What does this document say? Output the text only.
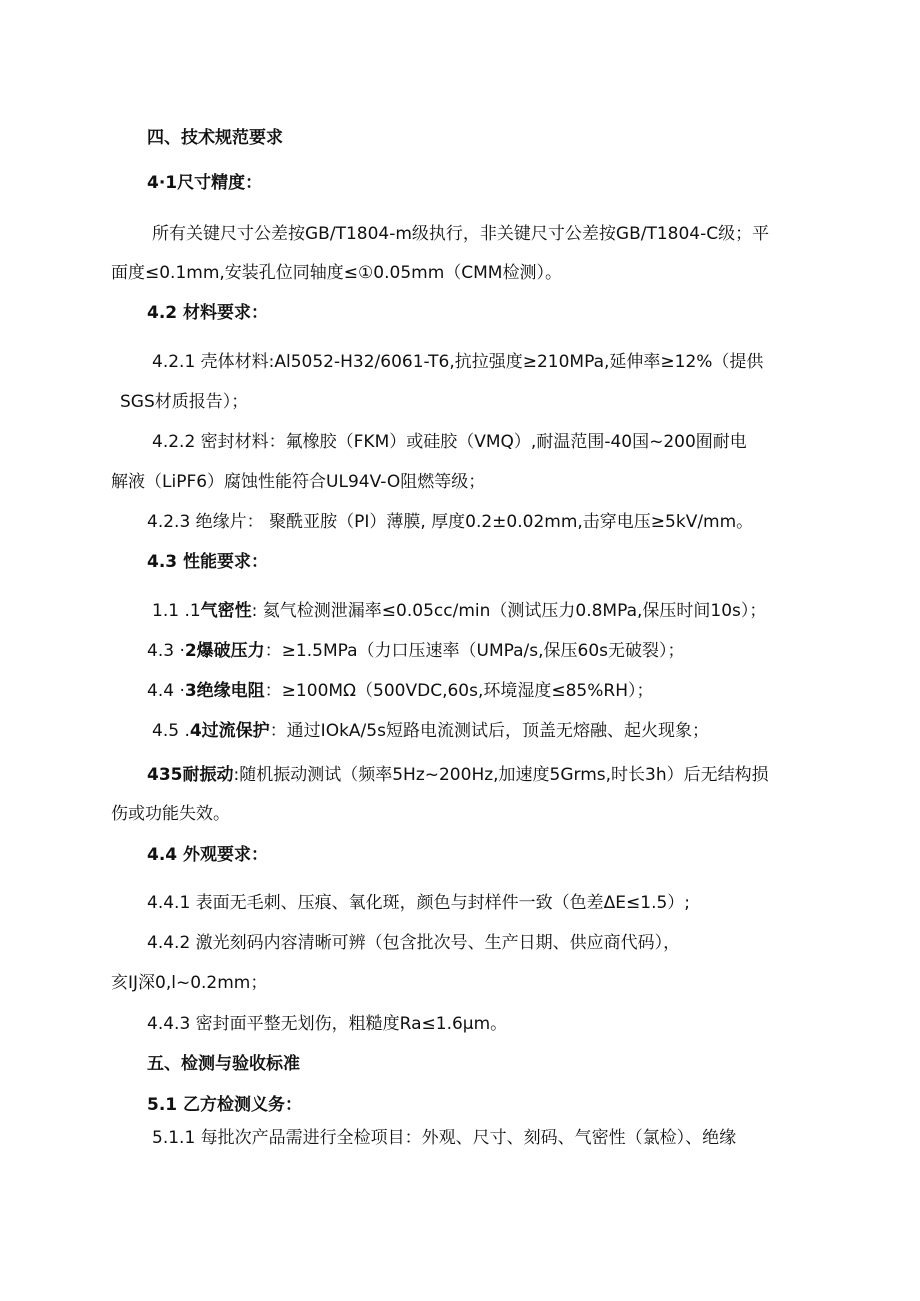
四、技术规范要求
4·1尺寸精度：
所有关键尺寸公差按GB/T1804-m级执行，非关键尺寸公差按GB/T1804-C级；平
面度≤0.1mm,安装孔位同轴度≤①0.05mm（CMM检测）。
4.2 材料要求：
4.2.1 壳体材料:Al5052-H32/6061-T6,抗拉强度≥210MPa,延伸率≥12%（提供
SGS材质报告）；
4.2.2 密封材料：氟橡胶（FKM）或硅胶（VMQ）,耐温范围-40国~200囿耐电
解液（LiPF6）腐蚀性能符合UL94V-O阻燃等级；
4.2.3 绝缘片： 聚酰亚胺（PI）薄膜, 厚度0.2±0.02mm,击穿电压≥5kV/mm。
4.3 性能要求：
1.1 .1气密性: 氦气检测泄漏率≤0.05cc/min（测试压力0.8MPa,保压时间10s）；
4.3 ·2爆破压力：≥1.5MPa（力口压速率（UMPa/s,保压60s无破裂）；
4.4 ·3绝缘电阻：≥100MΩ（500VDC,60s,环境湿度≤85%RH）；
4.5 .4过流保护：通过IOkA/5s短路电流测试后，顶盖无熔融、起火现象；
435耐振动:随机振动测试（频率5Hz~200Hz,加速度5Grms,时长3h）后无结构损
伤或功能失效。
4.4 外观要求：
4.4.1 表面无毛刺、压痕、氧化斑，颜色与封样件一致（色差ΔE≤1.5）;
4.4.2 激光刻码内容清晰可辨（包含批次号、生产日期、供应商代码），
亥IJ深0,l~0.2mm；
4.4.3 密封面平整无划伤，粗糙度Ra≤1.6μm。
五、检测与验收标准
5.1 乙方检测义务：
5.1.1 每批次产品需进行全检项目：外观、尺寸、刻码、气密性（氯检）、绝缘
